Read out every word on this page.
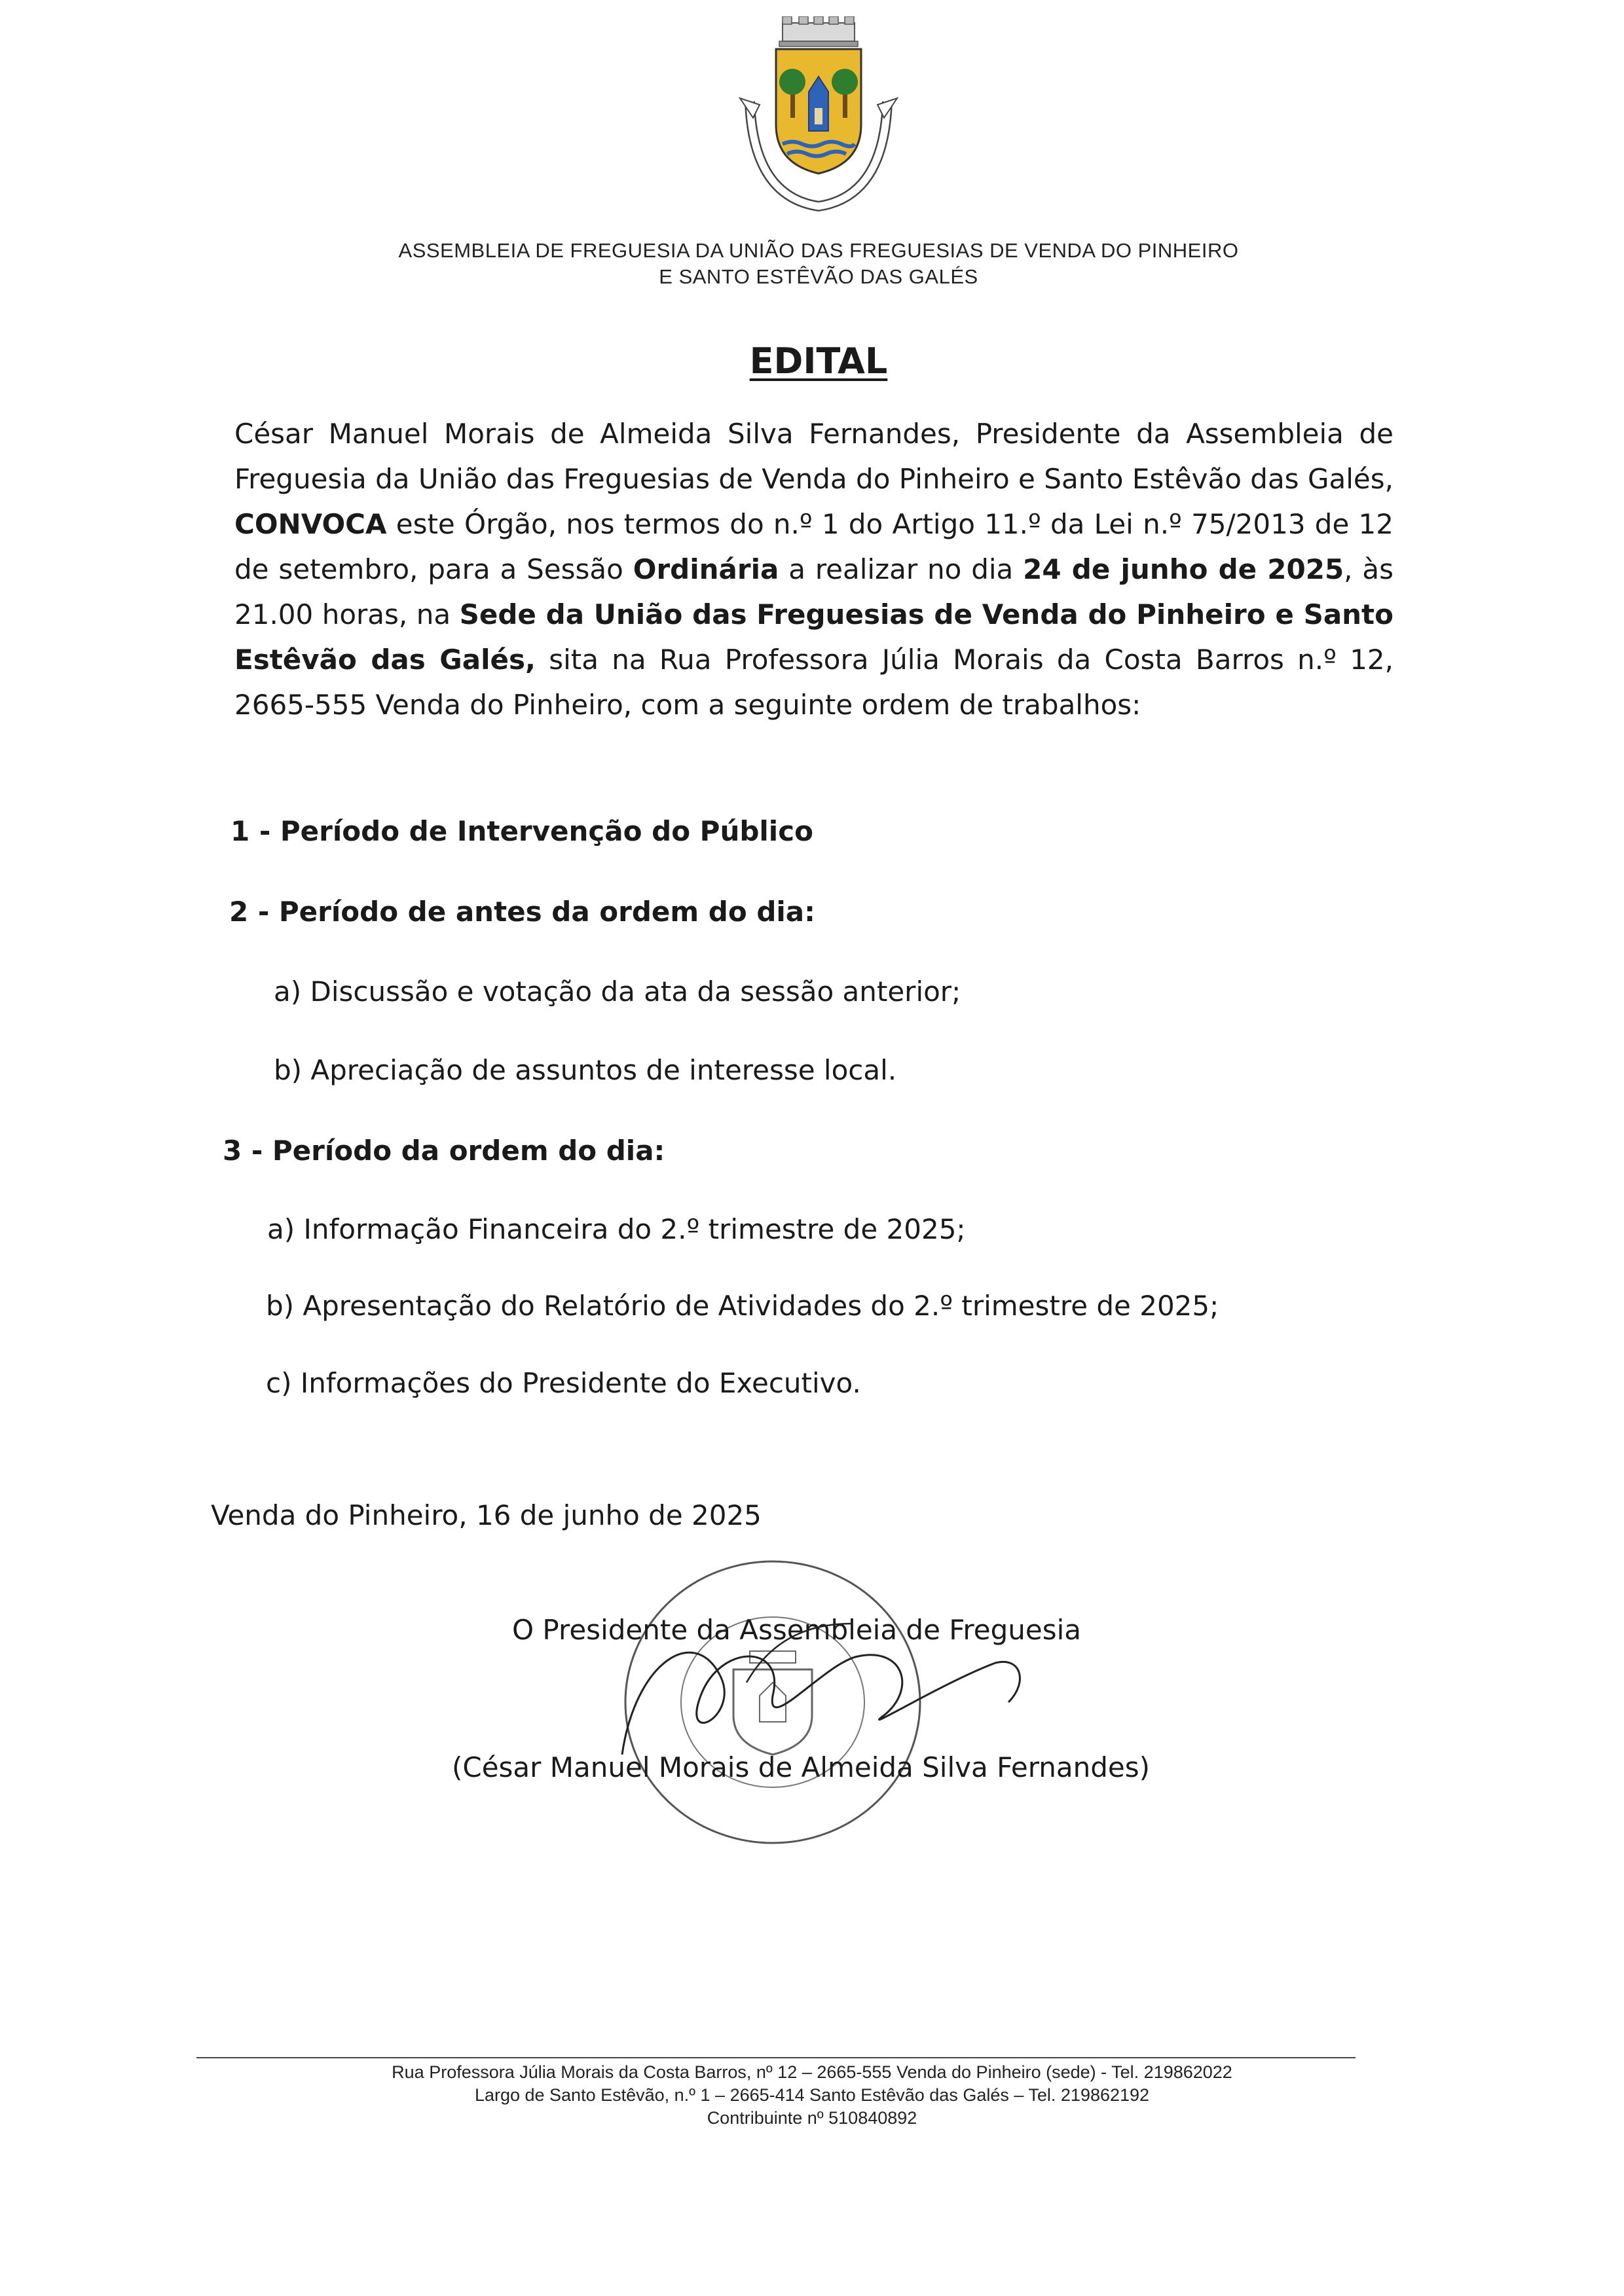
ASSEMBLEIA DE FREGUESIA DA UNIÃO DAS FREGUESIAS DE VENDA DO PINHEIRO
E SANTO ESTÊVÃO DAS GALÉS
EDITAL
César Manuel Morais de Almeida Silva Fernandes, Presidente da Assembleia de Freguesia da União das Freguesias de Venda do Pinheiro e Santo Estêvão das Galés, CONVOCA este Órgão, nos termos do n.º 1 do Artigo 11.º da Lei n.º 75/2013 de 12 de setembro, para a Sessão Ordinária a realizar no dia 24 de junho de 2025, às 21.00 horas, na Sede da União das Freguesias de Venda do Pinheiro e Santo Estêvão das Galés, sita na Rua Professora Júlia Morais da Costa Barros n.º 12, 2665-555 Venda do Pinheiro, com a seguinte ordem de trabalhos:
1 - Período de Intervenção do Público
2 - Período de antes da ordem do dia:
a) Discussão e votação da ata da sessão anterior;
b) Apreciação de assuntos de interesse local.
3 - Período da ordem do dia:
a) Informação Financeira do 2.º trimestre de 2025;
b) Apresentação do Relatório de Atividades do 2.º trimestre de 2025;
c) Informações do Presidente do Executivo.
Venda do Pinheiro, 16 de junho de 2025
O Presidente da Assembleia de Freguesia
(César Manuel Morais de Almeida Silva Fernandes)
Rua Professora Júlia Morais da Costa Barros, nº 12 – 2665-555 Venda do Pinheiro (sede) - Tel. 219862022
Largo de Santo Estêvão, n.º 1 – 2665-414 Santo Estêvão das Galés – Tel. 219862192
Contribuinte nº 510840892
